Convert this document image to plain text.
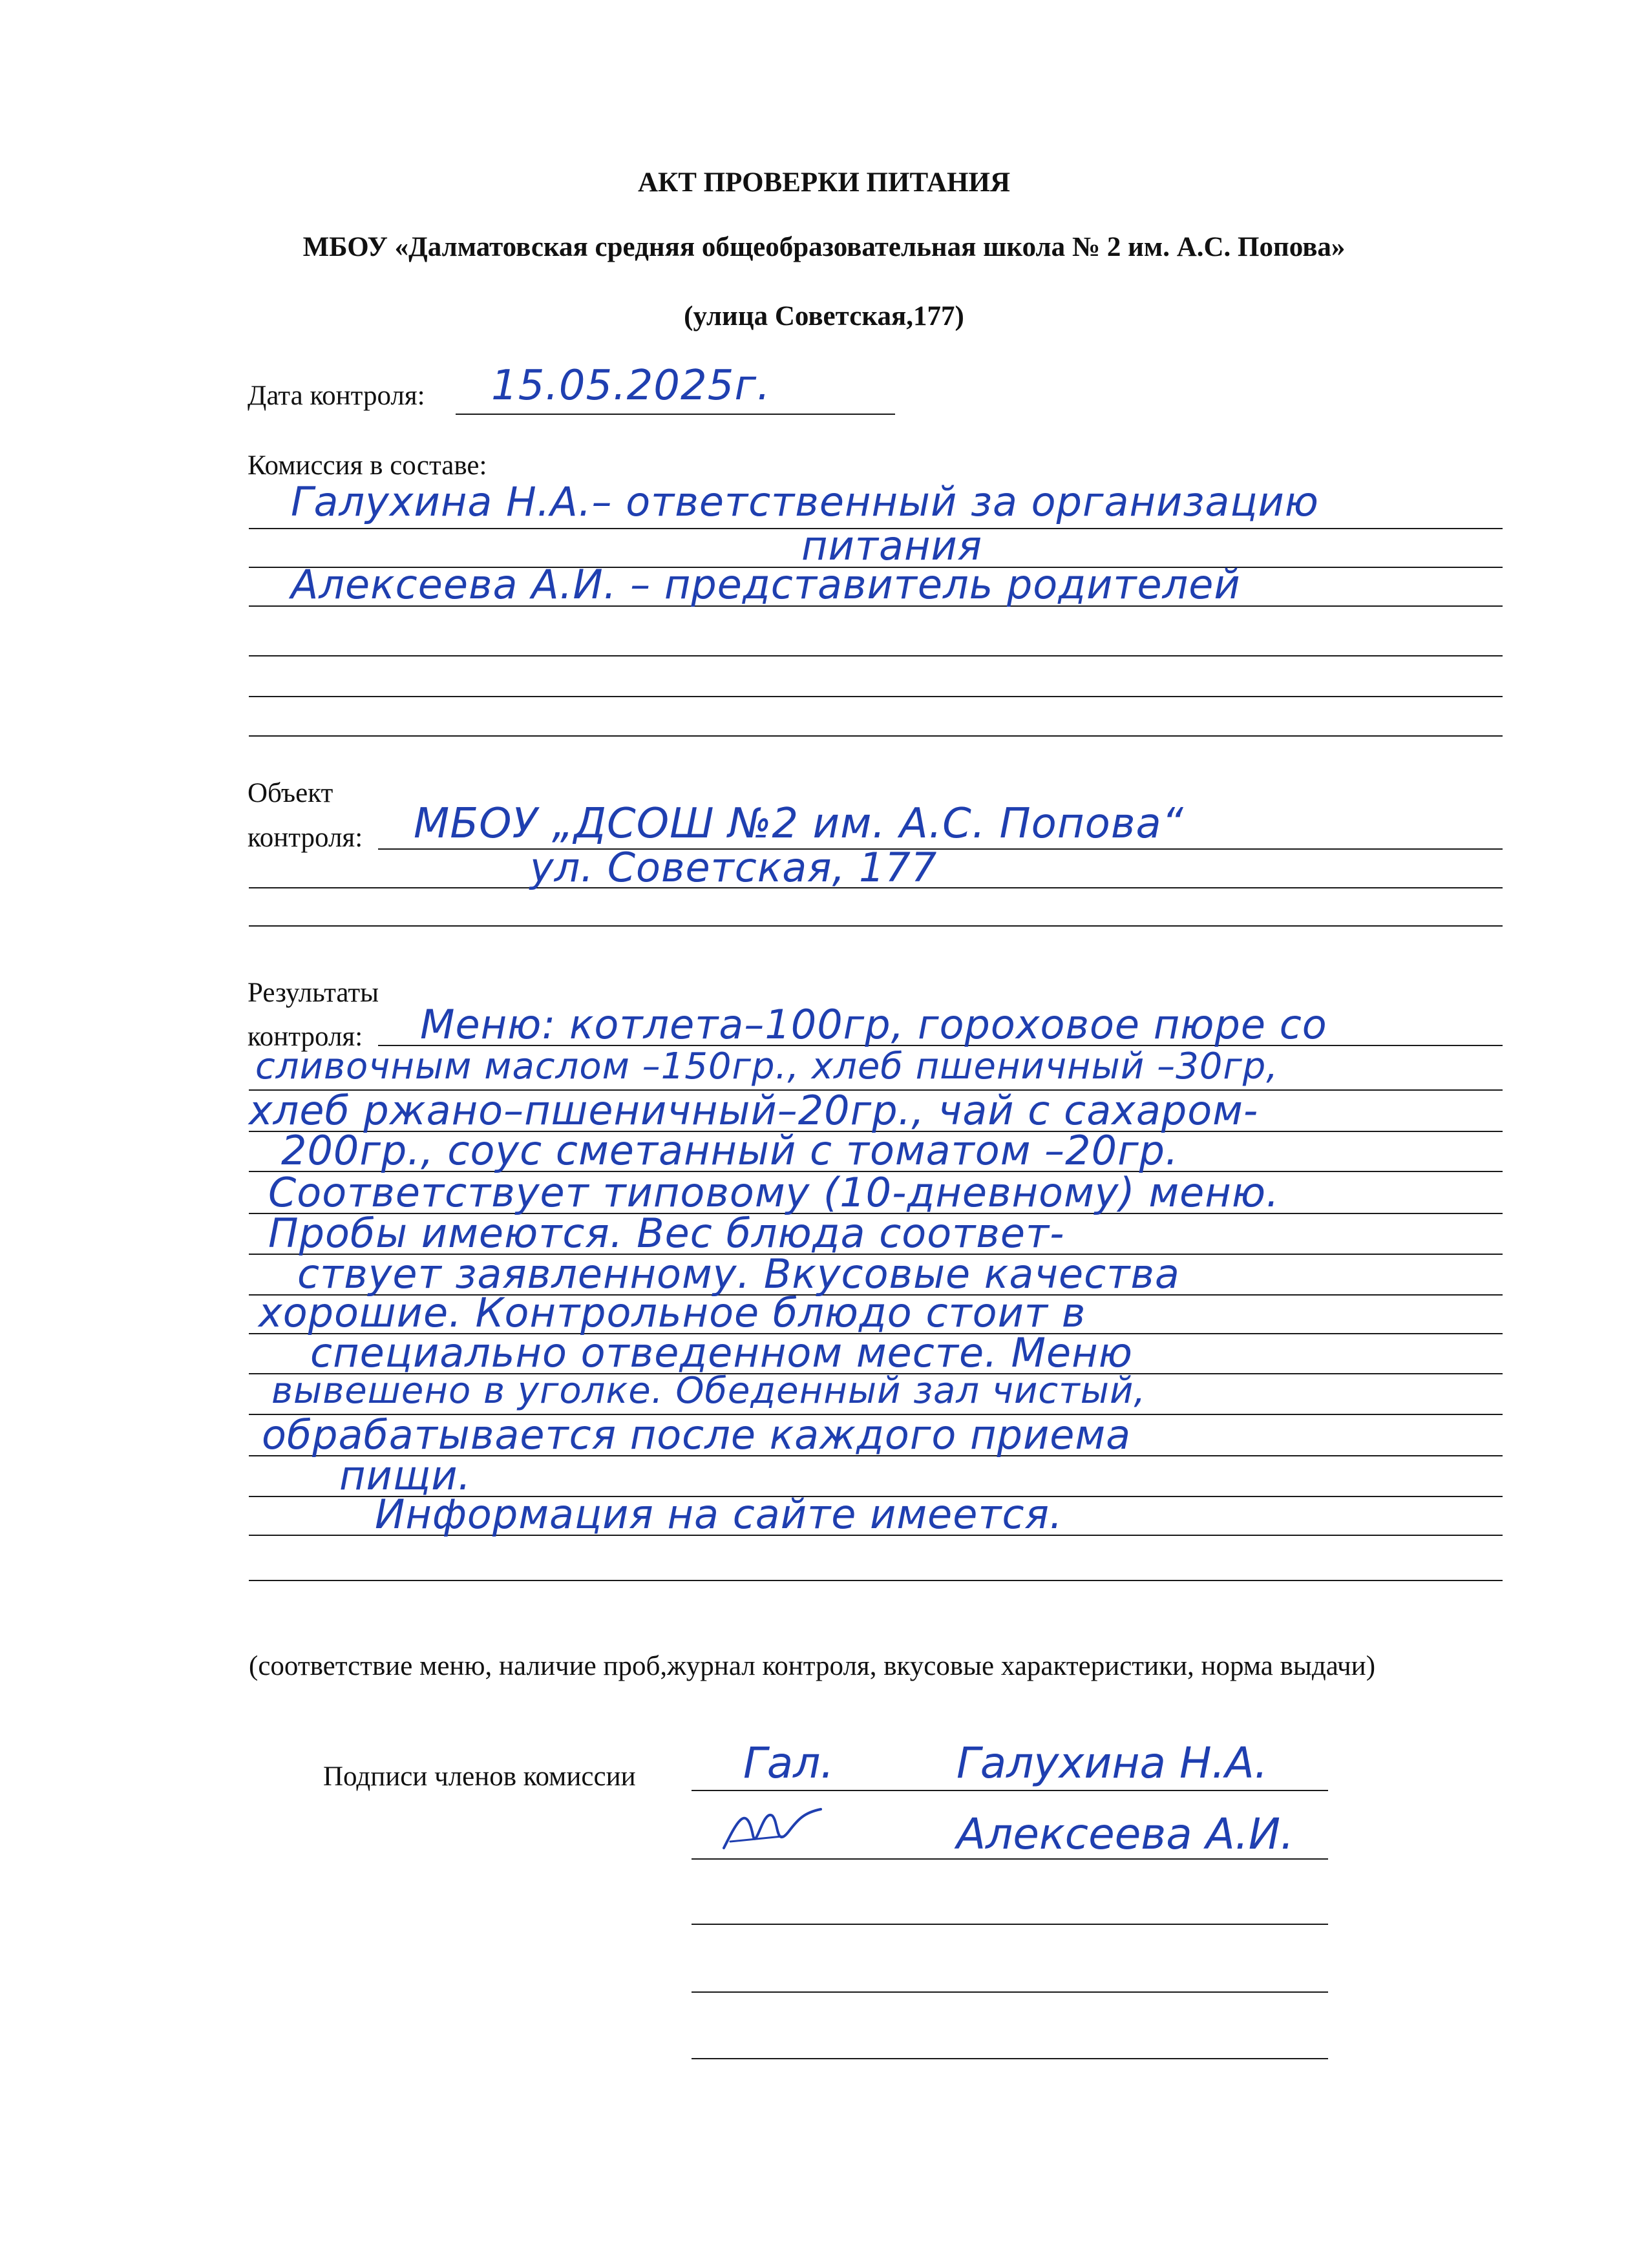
АКТ ПРОВЕРКИ ПИТАНИЯ
МБОУ «Далматовская средняя общеобразовательная школа № 2 им. А.С. Попова»
(улица Советская,177)
Дата контроля: 15.05.2025г.
Комиссия в составе:
Галухина Н.А.– ответственный за организацию
питания
Алексеева А.И. – представитель родителей
Объект
контроля: МБОУ „ДСОШ №2 им. А.С. Попова“
ул. Советская, 177
Результаты
контроля: Меню: котлета–100гр, гороховое пюре со
сливочным маслом –150гр., хлеб пшеничный –30гр,
хлеб ржано–пшеничный–20гр., чай с сахаром-
200гр., соус сметанный с томатом –20гр.
Соответствует типовому (10-дневному) меню.
Пробы имеются. Вес блюда соответ-
ствует заявленному. Вкусовые качества
хорошие. Контрольное блюдо стоит в
специально отведенном месте. Меню
вывешено в уголке. Обеденный зал чистый,
обрабатывается после каждого приема
пищи.
Информация на сайте имеется.
(соответствие меню, наличие проб,журнал контроля, вкусовые характеристики, норма выдачи)
Подписи членов комиссии	Гал.	Галухина Н.А.
Алексеева А.И.
